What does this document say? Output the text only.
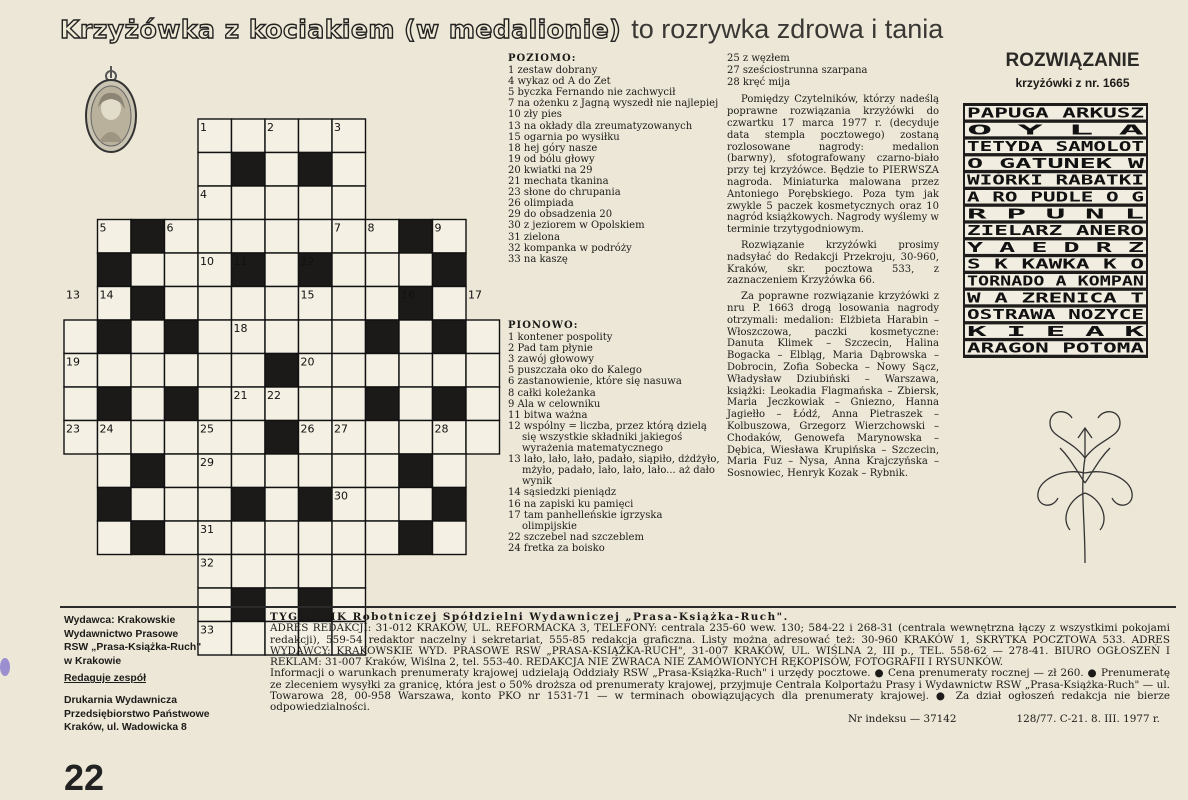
Krzyżówka z kociakiem (w medalionie) to rozrywka zdrowa i tania
1	2	3
4
5	6	7 8	9
10 11	12
13 14	15	16	17
18
19	20
21 22
23 24	25	26 27	28
29
30
31
32
33
POZIOMO:
1 zestaw dobrany
4 wykaz od A do Zet
5 byczka Fernando nie zachwycił
7 na ożenku z Jagną wyszedł nie najlepiej
10 zły pies
13 na okłady dla zreumatyzowanych
15 ogarnia po wysiłku
18 hej góry nasze
19 od bólu głowy
20 kwiatki na 29
21 mechata tkanina
23 słone do chrupania
26 olimpiada
29 do obsadzenia 20
30 z jeziorem w Opolskiem
31 zielona
32 kompanka w podróży
33 na kaszę
PIONOWO:
1 kontener pospolity
2 Pad tam płynie
3 zawój głowowy
5 puszczała oko do Kalego
6 zastanowienie, które się nasuwa
8 całki koleżanka
9 Ala w celowniku
11 bitwa ważna
12 wspólny = liczba, przez którą dzielą się wszystkie składniki jakiegoś wyrażenia matematycznego
13 lało, lało, lało, padało, siąpiło, dżdżyło, mżyło, padało, lało, lało, lało... aż dało wynik
14 sąsiedzki pieniądz
16 na zapiski ku pamięci
17 tam panhelleńskie igrzyska olimpijskie
22 szczebel nad szczeblem
24 fretka za boisko
25 z węzłem
27 sześciostrunna szarpana
28 kręć mija

Pomiędzy Czytelników, którzy nadeślą poprawne rozwiązania krzyżówki do czwartku 17 marca 1977 r. (decyduje data stempla pocztowego) zostaną rozlosowane nagrody: medalion (barwny), sfotografowany czarno-biało przy tej krzyżówce. Będzie to PIERWSZA nagroda. Miniaturka malowana przez Antoniego Porębskiego. Poza tym jak zwykle 5 paczek kosmetycznych oraz 10 nagród książkowych. Nagrody wyślemy w terminie trzytygodniowym.

Rozwiązanie krzyżówki prosimy nadsyłać do Redakcji Przekroju, 30-960, Kraków, skr. pocztowa 533, z zaznaczeniem Krzyżówka 66.

Za poprawne rozwiązanie krzyżówki z nru P. 1663 drogą losowania nagrody otrzymali: medalion: Elżbieta Harabin – Włoszczowa, paczki kosmetyczne: Danuta Klimek – Szczecin, Halina Bogacka – Elbląg, Maria Dąbrowska – Dobrocin, Zofia Sobecka – Nowy Sącz, Władysław Dziubiński – Warszawa, książki: Leokadia Flagmańska – Zbiersk, Maria Jeczkowiak – Gniezno, Hanna Jagiełło – Łódź, Anna Pietraszek – Kolbuszowa, Grzegorz Wierzchowski – Chodaków, Genowefa Marynowska – Dębica, Wiesława Krupińska – Szczecin, Maria Fuz – Nysa, Anna Krajczyńska – Sosnowiec, Henryk Kozak – Rybnik.

ROZWIĄZANIE
krzyżówki z nr. 1665
PAPUGA ARKUSZ
O Y L A
TETYDA SAMOLOT
O GATUNEK W
WIÓRKI RABATKI
A RO PUDLE O G
R P U N L
ZIELARZ ANERO
Y A E D R Z
S K KAWKA K O
TORNADO A KOMPAN
W A ZRENICA T
OSTRAWA NOZYCE
K I E A K
ARAGON POTOMA
Wydawca: Krakowskie
Wydawnictwo Prasowe
RSW „Prasa-Książka-Ruch"
w Krakowie
Redaguje zespół
Drukarnia Wydawnicza
Przedsiębiorstwo Państwowe
Kraków, ul. Wadowicka 8
TYGODNIK Robotniczej Spółdzielni Wydawniczej „Prasa-Książka-Ruch".
ADRES REDAKCJI: 31-012 KRAKÓW, UL. REFORMACKA 3, TELEFONY: centrala 235-60 wew. 130; 584-22 i 268-31 (centrala wewnętrzna łączy z wszystkimi pokojami redakcji), 559-54 redaktor naczelny i sekretariat, 555-85 redakcja graficzna. Listy można adresować też: 30-960 KRAKÓW 1, SKRYTKA POCZTOWA 533. ADRES WYDAWCY: KRAKOWSKIE WYD. PRASOWE RSW „PRASA-KSIĄŻKA-RUCH", 31-007 KRAKÓW, UL. WIŚLNA 2, III p., TEL. 558-62 — 278-41. BIURO OGŁOSZEŃ I REKLAM: 31-007 Kraków, Wiślna 2, tel. 553-40. REDAKCJA NIE ZWRACA NIE ZAMÓWIONYCH RĘKOPISÓW, FOTOGRAFII I RYSUNKÓW.
Informacji o warunkach prenumeraty krajowej udzielają Oddziały RSW „Prasa-Książka-Ruch" i urzędy pocztowe. ● Cena prenumeraty rocznej — zł 260. ● Prenumeratę ze zleceniem wysyłki za granicę, która jest o 50% droższa od prenumeraty krajowej, przyjmuje Centrala Kolportażu Prasy i Wydawnictw RSW „Prasa-Książka-Ruch" — ul. Towarowa 28, 00-958 Warszawa, konto PKO nr 1531-71 — w terminach obowiązujących dla prenumeraty krajowej. ● Za dział ogłoszeń redakcja nie bierze odpowiedzialności.
Nr indeksu — 37142	128/77. C-21. 8. III. 1977 r.
22
